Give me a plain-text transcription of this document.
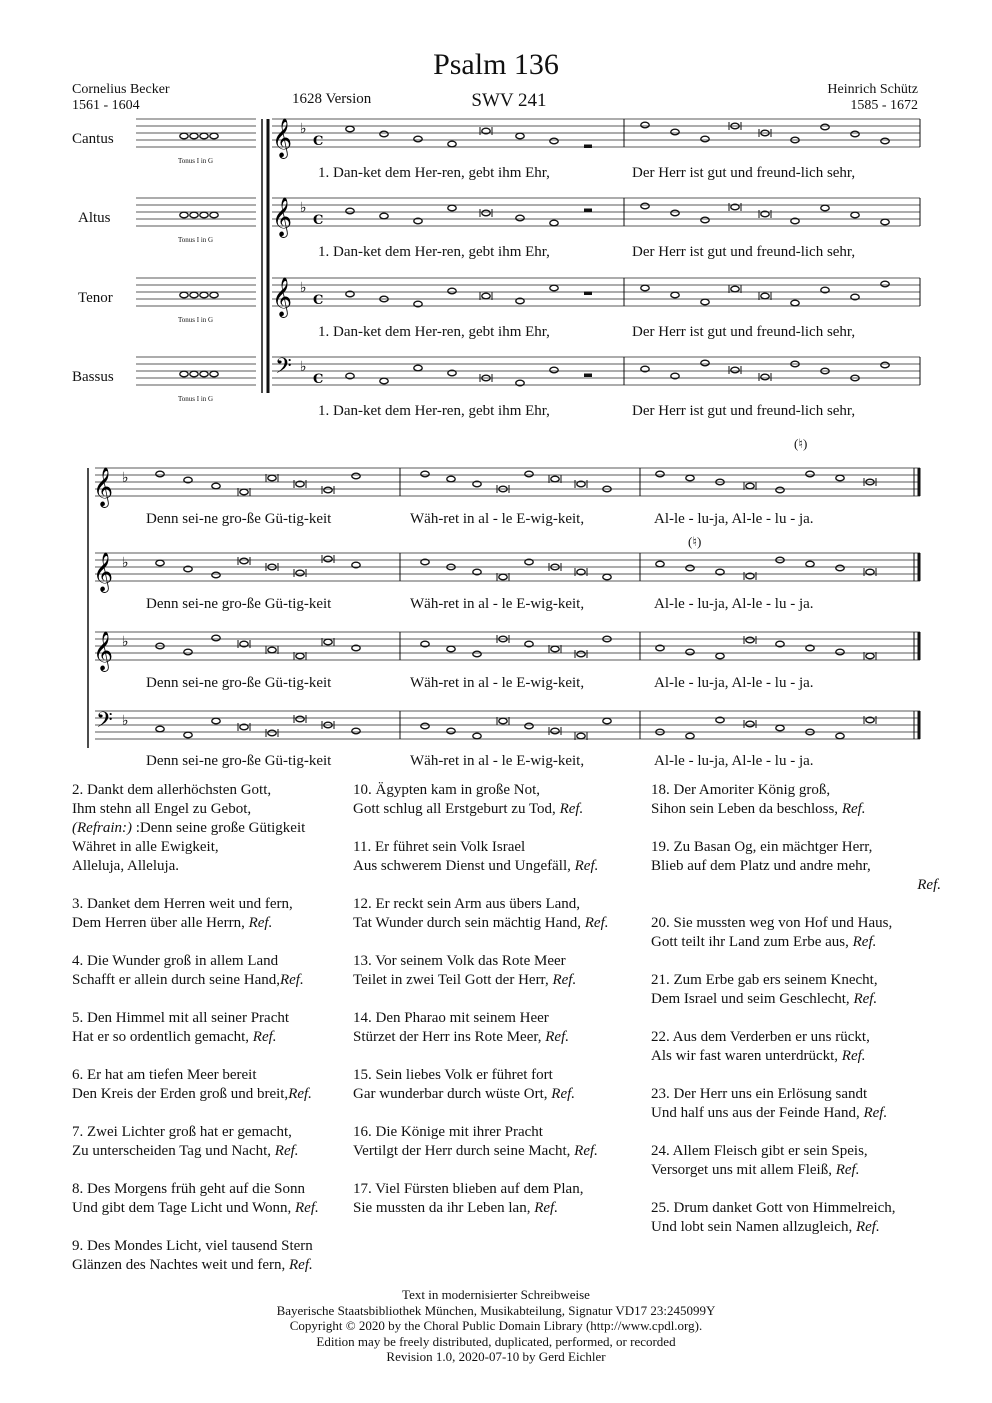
Psalm 136
SWV 241
1628 Version
Cornelius Becker
1561 - 1604
Heinrich Schütz
1585 - 1672
Cantus
Altus
Tenor
Bassus
𝄞 ♭
C
𝄞 ♭
C
𝄞 ♭
C
𝄢 ♭
C
𝄞 ♭
𝄞 ♭
𝄞 ♭
𝄢 ♭
1. Dan-ket dem Her-ren, gebt ihm Ehr,	Der Herr ist gut und freund-lich sehr,
1. Dan-ket dem Her-ren, gebt ihm Ehr,	Der Herr ist gut und freund-lich sehr,
1. Dan-ket dem Her-ren, gebt ihm Ehr,	Der Herr ist gut und freund-lich sehr,
1. Dan-ket dem Her-ren, gebt ihm Ehr,	Der Herr ist gut und freund-lich sehr,
Denn sei-ne gro-ße Gü-tig-keit	Wäh-ret in al - le E-wig-keit,	Al-le - lu-ja, Al-le - lu - ja.
Denn sei-ne gro-ße Gü-tig-keit	Wäh-ret in al - le E-wig-keit,	Al-le - lu-ja, Al-le - lu - ja.
Denn sei-ne gro-ße Gü-tig-keit	Wäh-ret in al - le E-wig-keit,	Al-le - lu-ja, Al-le - lu - ja.
Denn sei-ne gro-ße Gü-tig-keit	Wäh-ret in al - le E-wig-keit,	Al-le - lu-ja, Al-le - lu - ja.
Tonus I in G
Tonus I in G
Tonus I in G
Tonus I in G
(♮)
(♮)
2. Dankt dem allerhöchsten Gott,
Ihm stehn all Engel zu Gebot,
(Refrain:) :Denn seine große Gütigkeit
Währet in alle Ewigkeit,
Alleluja, Alleluja.
3. Danket dem Herren weit und fern,
Dem Herren über alle Herrn, Ref.
4. Die Wunder groß in allem Land
Schafft er allein durch seine Hand,Ref.
5. Den Himmel mit all seiner Pracht
Hat er so ordentlich gemacht, Ref.
6. Er hat am tiefen Meer bereit
Den Kreis der Erden groß und breit,Ref.
7. Zwei Lichter groß hat er gemacht,
Zu unterscheiden Tag und Nacht, Ref.
8. Des Morgens früh geht auf die Sonn
Und gibt dem Tage Licht und Wonn, Ref.
9. Des Mondes Licht, viel tausend Stern
Glänzen des Nachtes weit und fern, Ref.
10. Ägypten kam in große Not,
Gott schlug all Erstgeburt zu Tod, Ref.
11. Er führet sein Volk Israel
Aus schwerem Dienst und Ungefäll, Ref.
12. Er reckt sein Arm aus übers Land,
Tat Wunder durch sein mächtig Hand, Ref.
13. Vor seinem Volk das Rote Meer
Teilet in zwei Teil Gott der Herr, Ref.
14. Den Pharao mit seinem Heer
Stürzet der Herr ins Rote Meer, Ref.
15. Sein liebes Volk er führet fort
Gar wunderbar durch wüste Ort, Ref.
16. Die Könige mit ihrer Pracht
Vertilgt der Herr durch seine Macht, Ref.
17. Viel Fürsten blieben auf dem Plan,
Sie mussten da ihr Leben lan, Ref.
18. Der Amoriter König groß,
Sihon sein Leben da beschloss, Ref.
19. Zu Basan Og, ein mächtger Herr,
Blieb auf dem Platz und andre mehr,
Ref.
20. Sie mussten weg von Hof und Haus,
Gott teilt ihr Land zum Erbe aus, Ref.
21. Zum Erbe gab ers seinem Knecht,
Dem Israel und seim Geschlecht, Ref.
22. Aus dem Verderben er uns rückt,
Als wir fast waren unterdrückt, Ref.
23. Der Herr uns ein Erlösung sandt
Und half uns aus der Feinde Hand, Ref.
24. Allem Fleisch gibt er sein Speis,
Versorget uns mit allem Fleiß, Ref.
25. Drum danket Gott von Himmelreich,
Und lobt sein Namen allzugleich, Ref.
Text in modernisierter Schreibweise
Bayerische Staatsbibliothek München, Musikabteilung, Signatur VD17 23:245099Y
Copyright © 2020 by the Choral Public Domain Library (http://www.cpdl.org).
Edition may be freely distributed, duplicated, performed, or recorded
Revision 1.0, 2020-07-10 by Gerd Eichler
